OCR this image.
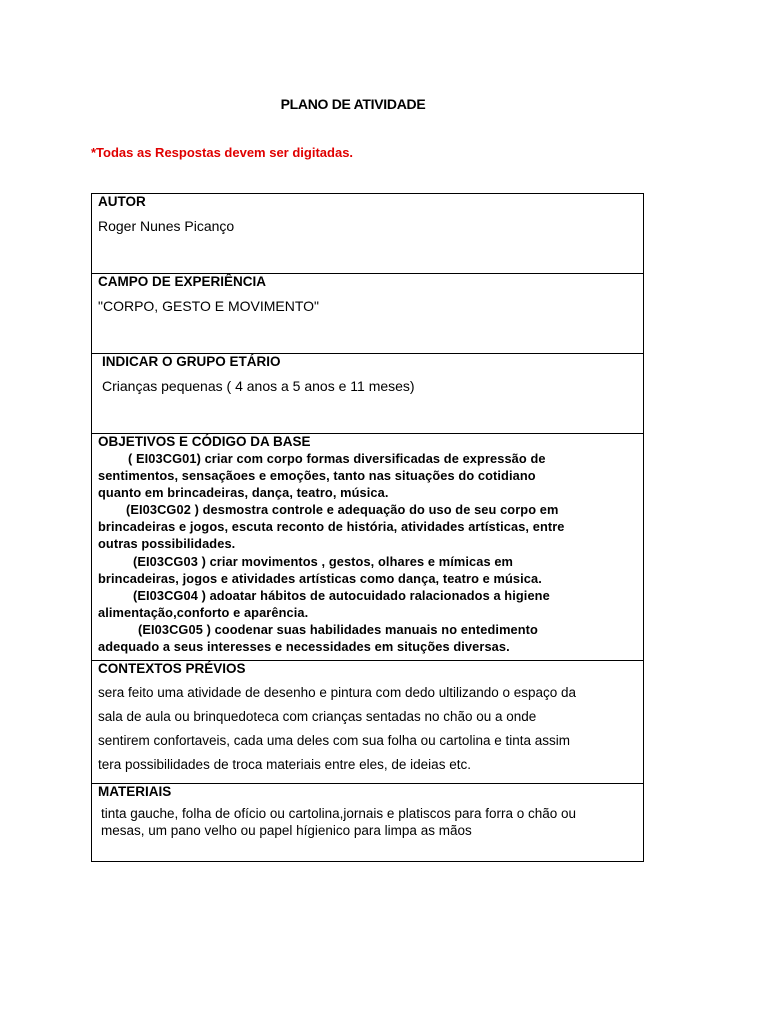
PLANO DE ATIVIDADE
*Todas as Respostas devem ser digitadas.
AUTOR
Roger Nunes Picanço

CAMPO DE EXPERIÊNCIA
"CORPO, GESTO E MOVIMENTO"

INDICAR O GRUPO ETÁRIO
Crianças pequenas ( 4 anos a 5 anos e 11 meses)

OBJETIVOS E CÓDIGO DA BASE
( EI03CG01) criar com corpo formas diversificadas de expressão de
sentimentos, sensaçãoes e emoções, tanto nas situações do cotidiano
quanto em brincadeiras, dança, teatro, música.
(EI03CG02 ) desmostra controle e adequação do uso de seu corpo em
brincadeiras e jogos, escuta reconto de história, atividades artísticas, entre
outras possibilidades.
(EI03CG03 ) criar movimentos , gestos, olhares e mímicas em
brincadeiras, jogos e atividades artísticas como dança, teatro e música.
(EI03CG04 ) adoatar hábitos de autocuidado ralacionados a higiene
alimentação,conforto e aparência.
(EI03CG05 ) coodenar suas habilidades manuais no entedimento
adequado a seus interesses e necessidades em situções diversas.

CONTEXTOS PRÉVIOS
sera feito uma atividade de desenho e pintura com dedo ultilizando o espaço da
sala de aula ou brinquedoteca com crianças sentadas no chão ou a onde
sentirem confortaveis, cada uma deles com sua folha ou cartolina e tinta assim
tera possibilidades de troca materiais entre eles, de ideias etc.

MATERIAIS
tinta gauche, folha de ofício ou cartolina,jornais e platiscos para forra o chão ou
mesas, um pano velho ou papel hígienico para limpa as mãos
